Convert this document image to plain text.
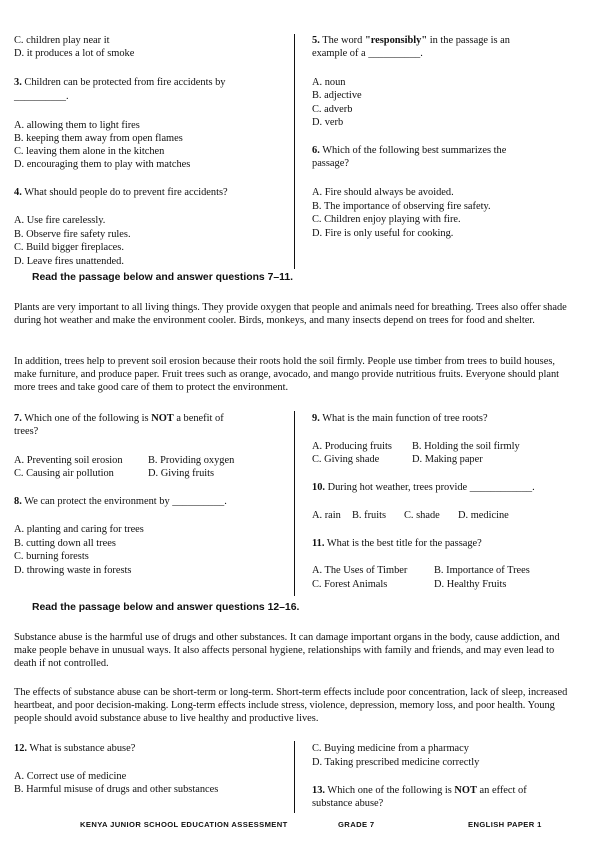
C. children play near it
D. it produces a lot of smoke
3. Children can be protected from fire accidents by
__________.
A. allowing them to light fires
B. keeping them away from open flames
C. leaving them alone in the kitchen
D. encouraging them to play with matches
4. What should people do to prevent fire accidents?
A. Use fire carelessly.
B. Observe fire safety rules.
C. Build bigger fireplaces.
D. Leave fires unattended.
5. The word "responsibly" in the passage is an
example of a __________.
A. noun
B. adjective
C. adverb
D. verb
6. Which of the following best summarizes the
passage?
A. Fire should always be avoided.
B. The importance of observing fire safety.
C. Children enjoy playing with fire.
D. Fire is only useful for cooking.
Read the passage below and answer questions 7–11.
Plants are very important to all living things. They provide oxygen that people and animals need for breathing. Trees also offer shade during hot weather and make the environment cooler. Birds, monkeys, and many insects depend on trees for food and shelter.
In addition, trees help to prevent soil erosion because their roots hold the soil firmly. People use timber from trees to build houses, make furniture, and produce paper. Fruit trees such as orange, avocado, and mango provide nutritious fruits. Everyone should plant more trees and take good care of them to protect the environment.
7. Which one of the following is NOT a benefit of
trees?
A. Preventing soil erosion B. Providing oxygen
C. Causing air pollution	D. Giving fruits
8. We can protect the environment by __________.
A. planting and caring for trees
B. cutting down all trees
C. burning forests
D. throwing waste in forests
9. What is the main function of tree roots?
A. Producing fruits B. Holding the soil firmly
C. Giving shade	D. Making paper
10. During hot weather, trees provide ____________.
A. rain B. fruits C. shade D. medicine
11. What is the best title for the passage?
A. The Uses of Timber	B. Importance of Trees
C. Forest Animals	D. Healthy Fruits
Read the passage below and answer questions 12–16.
Substance abuse is the harmful use of drugs and other substances. It can damage important organs in the body, cause addiction, and make people behave in unusual ways. It also affects personal hygiene, relationships with family and friends, and may even lead to death if not controlled.
The effects of substance abuse can be short-term or long-term. Short-term effects include poor concentration, lack of sleep, increased heartbeat, and poor decision-making. Long-term effects include stress, violence, depression, memory loss, and poor health. Young people should avoid substance abuse to live healthy and productive lives.
12. What is substance abuse?
A. Correct use of medicine
B. Harmful misuse of drugs and other substances
C. Buying medicine from a pharmacy
D. Taking prescribed medicine correctly
13. Which one of the following is NOT an effect of
substance abuse?
KENYA JUNIOR SCHOOL EDUCATION ASSESSMENT	GRADE 7	ENGLISH PAPER 1
